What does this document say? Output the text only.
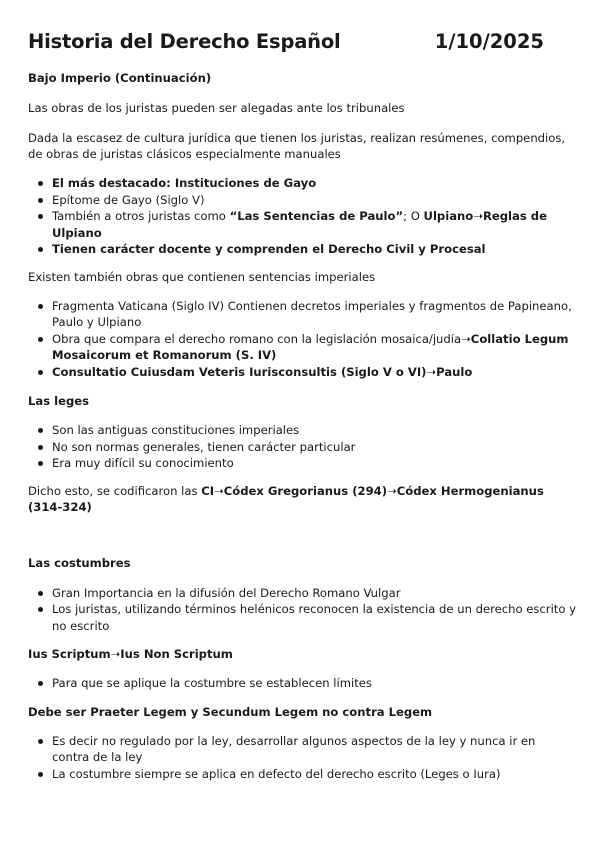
Historia del Derecho Español	1/10/2025
Bajo Imperio (Continuación)

Las obras de los juristas pueden ser alegadas ante los tribunales

Dada la escasez de cultura jurídica que tienen los juristas, realizan resúmenes, compendios, de obras de juristas clásicos especialmente manuales

El más destacado: Instituciones de Gayo
Epítome de Gayo (Siglo V)
También a otros juristas como “Las Sentencias de Paulo”; O Ulpiano➝Reglas de Ulpiano
Tienen carácter docente y comprenden el Derecho Civil y Procesal

Existen también obras que contienen sentencias imperiales

Fragmenta Vaticana (Siglo IV) Contienen decretos imperiales y fragmentos de Papineano, Paulo y Ulpiano
Obra que compara el derecho romano con la legislación mosaica/judía➝Collatio Legum Mosaicorum et Romanorum (S. IV)
Consultatio Cuiusdam Veteris Iurisconsultis (Siglo V o VI)➝Paulo
Las leges
Son las antiguas constituciones imperiales
No son normas generales, tienen carácter particular
Era muy difícil su conocimiento

Dicho esto, se codificaron las CI➝Códex Gregorianus (294)➝Códex Hermogenianus (314-324)

Las costumbres
Gran Importancia en la difusión del Derecho Romano Vulgar
Los juristas, utilizando términos helénicos reconocen la existencia de un derecho escrito y no escrito
Ius Scriptum➝Ius Non Scriptum
Para que se aplique la costumbre se establecen límites
Debe ser Praeter Legem y Secundum Legem no contra Legem
Es decir no regulado por la ley, desarrollar algunos aspectos de la ley y nunca ir en contra de la ley
La costumbre siempre se aplica en defecto del derecho escrito (Leges o Iura)
